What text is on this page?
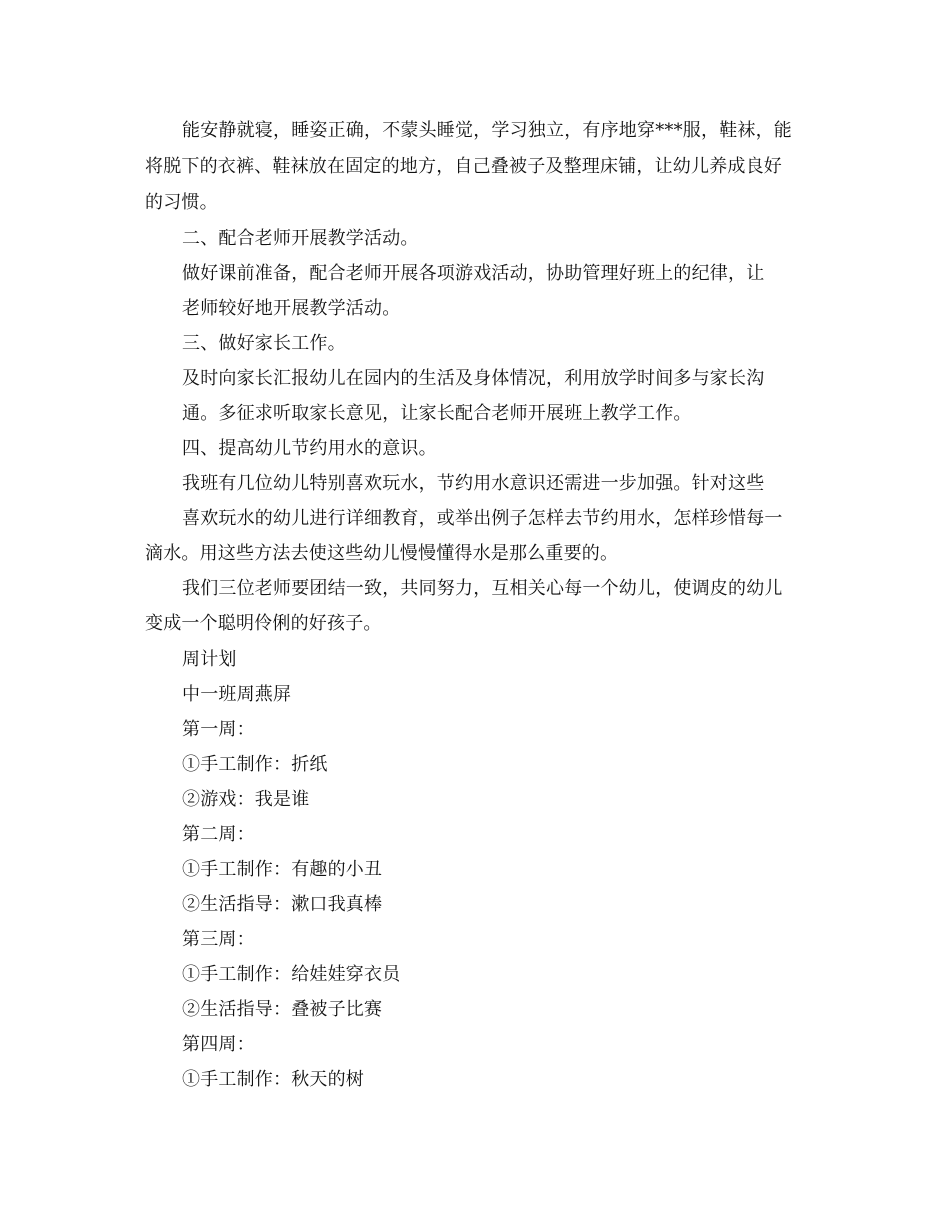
能安静就寝，睡姿正确，不蒙头睡觉，学习独立，有序地穿***服，鞋袜，能
将脱下的衣裤、鞋袜放在固定的地方，自己叠被子及整理床铺，让幼儿养成良好
的习惯。
二、配合老师开展教学活动。
做好课前准备，配合老师开展各项游戏活动，协助管理好班上的纪律，让
老师较好地开展教学活动。
三、做好家长工作。
及时向家长汇报幼儿在园内的生活及身体情况，利用放学时间多与家长沟
通。多征求听取家长意见，让家长配合老师开展班上教学工作。
四、提高幼儿节约用水的意识。
我班有几位幼儿特别喜欢玩水，节约用水意识还需进一步加强。针对这些
喜欢玩水的幼儿进行详细教育，或举出例子怎样去节约用水，怎样珍惜每一
滴水。用这些方法去使这些幼儿慢慢懂得水是那么重要的。
我们三位老师要团结一致，共同努力，互相关心每一个幼儿，使调皮的幼儿
变成一个聪明伶俐的好孩子。
周计划
中一班周燕屏
第一周：
①手工制作：折纸
②游戏：我是谁
第二周：
①手工制作：有趣的小丑
②生活指导：漱口我真棒
第三周：
①手工制作：给娃娃穿衣员
②生活指导：叠被子比赛
第四周：
①手工制作：秋天的树
